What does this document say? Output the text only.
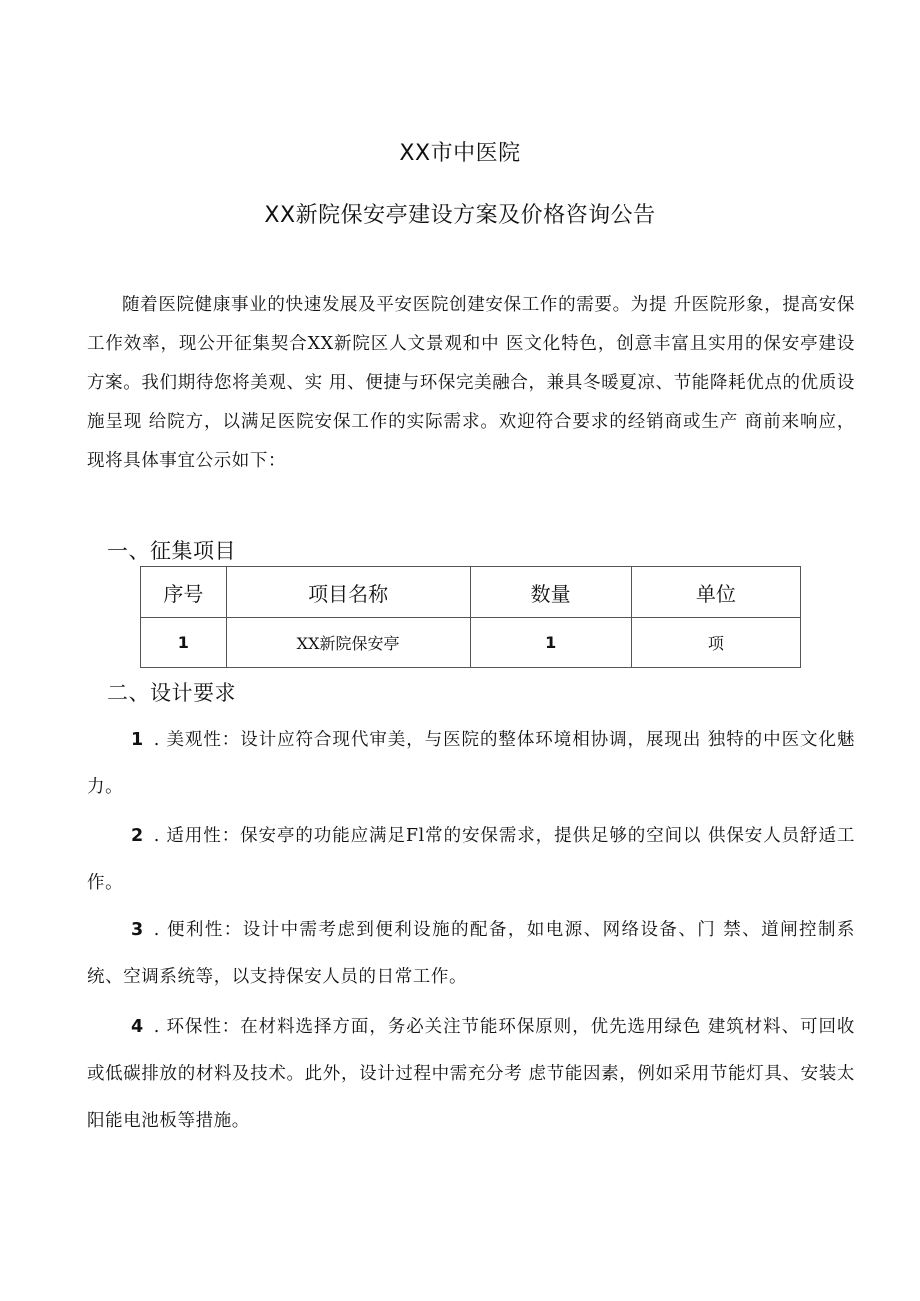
XX市中医院
XX新院保安亭建设方案及价格咨询公告

随着医院健康事业的快速发展及平安医院创建安保工作的需要。为提 升医院形象，提高安保工作效率，现公开征集契合XX新院区人文景观和中 医文化特色，创意丰富且实用的保安亭建设方案。我们期待您将美观、实 用、便捷与环保完美融合，兼具冬暖夏凉、节能降耗优点的优质设施呈现 给院方，以满足医院安保工作的实际需求。欢迎符合要求的经销商或生产 商前来响应，现将具体事宜公示如下：

一、征集项目
序号	项目名称	数量	单位
1	XX新院保安亭	1	项
二、设计要求

1 . 美观性：设计应符合现代审美，与医院的整体环境相协调，展现出 独特的中医文化魅力。

2 . 适用性：保安亭的功能应满足Fl常的安保需求，提供足够的空间以 供保安人员舒适工作。

3 . 便利性：设计中需考虑到便利设施的配备，如电源、网络设备、门 禁、道闸控制系统、空调系统等，以支持保安人员的日常工作。

4 . 环保性：在材料选择方面，务必关注节能环保原则，优先选用绿色 建筑材料、可回收或低碳排放的材料及技术。此外，设计过程中需充分考 虑节能因素，例如采用节能灯具、安装太阳能电池板等措施。
